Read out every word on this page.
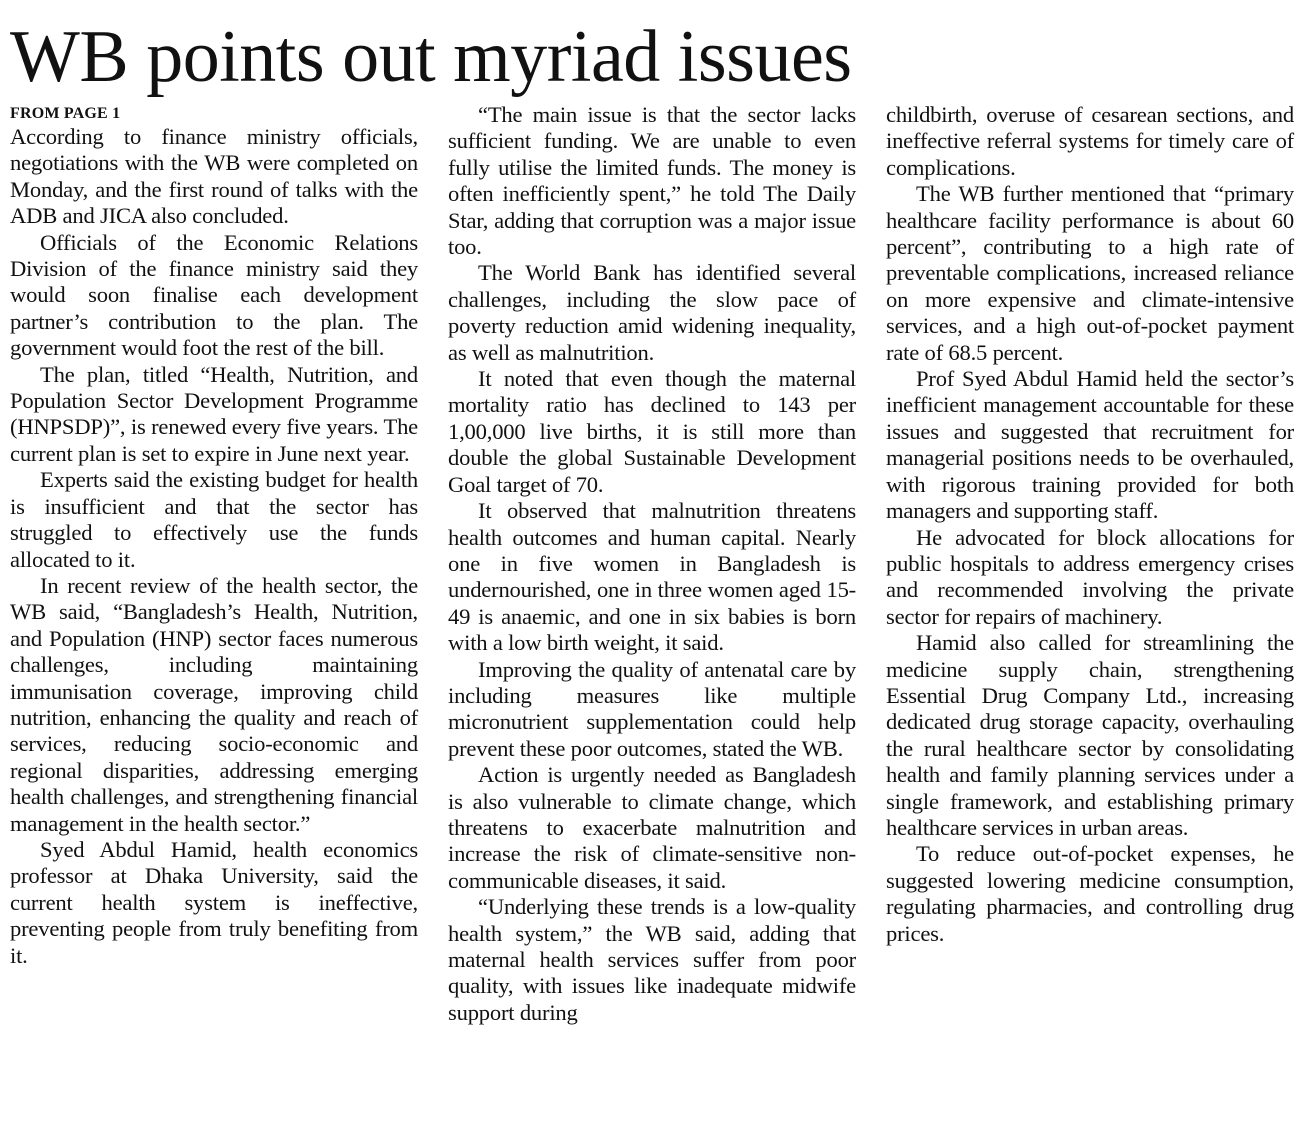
WB points out myriad issues
FROM PAGE 1

According to finance ministry officials, negotiations with the WB were completed on Monday, and the first round of talks with the ADB and JICA also concluded.

Officials of the Economic Relations Division of the finance ministry said they would soon finalise each development partner’s contribution to the plan. The government would foot the rest of the bill.

The plan, titled “Health, Nutrition, and Population Sector Development Programme (HNPSDP)”, is renewed every five years. The current plan is set to expire in June next year.

Experts said the existing budget for health is insufficient and that the sector has struggled to effectively use the funds allocated to it.

In recent review of the health sector, the WB said, “Bangladesh’s Health, Nutrition, and Population (HNP) sector faces numerous challenges, including maintaining immunisation coverage, improving child nutrition, enhancing the quality and reach of services, reducing socio-economic and regional disparities, addressing emerging health challenges, and strengthening financial management in the health sector.”

Syed Abdul Hamid, health economics professor at Dhaka University, said the current health system is ineffective, preventing people from truly benefiting from it.

“The main issue is that the sector lacks sufficient funding. We are unable to even fully utilise the limited funds. The money is often inefficiently spent,” he told The Daily Star, adding that corruption was a major issue too.

The World Bank has identified several challenges, including the slow pace of poverty reduction amid widening inequality, as well as malnutrition.

It noted that even though the maternal mortality ratio has declined to 143 per 1,00,000 live births, it is still more than double the global Sustainable Development Goal target of 70.

It observed that malnutrition threatens health outcomes and human capital. Nearly one in five women in Bangladesh is undernourished, one in three women aged 15-49 is anaemic, and one in six babies is born with a low birth weight, it said.

Improving the quality of antenatal care by including measures like multiple micronutrient supplementation could help prevent these poor outcomes, stated the WB.

Action is urgently needed as Bangladesh is also vulnerable to climate change, which threatens to exacerbate malnutrition and increase the risk of climate-sensitive non-communicable diseases, it said.

“Underlying these trends is a low-quality health system,” the WB said, adding that maternal health services suffer from poor quality, with issues like inadequate midwife support during

childbirth, overuse of cesarean sections, and ineffective referral systems for timely care of complications.

The WB further mentioned that “primary healthcare facility performance is about 60 percent”, contributing to a high rate of preventable complications, increased reliance on more expensive and climate-intensive services, and a high out-of-pocket payment rate of 68.5 percent.

Prof Syed Abdul Hamid held the sector’s inefficient management accountable for these issues and suggested that recruitment for managerial positions needs to be overhauled, with rigorous training provided for both managers and supporting staff.

He advocated for block allocations for public hospitals to address emergency crises and recommended involving the private sector for repairs of machinery.

Hamid also called for streamlining the medicine supply chain, strengthening Essential Drug Company Ltd., increasing dedicated drug storage capacity, overhauling the rural healthcare sector by consolidating health and family planning services under a single framework, and establishing primary healthcare services in urban areas.

To reduce out-of-pocket expenses, he suggested lowering medicine consumption, regulating pharmacies, and controlling drug prices.
